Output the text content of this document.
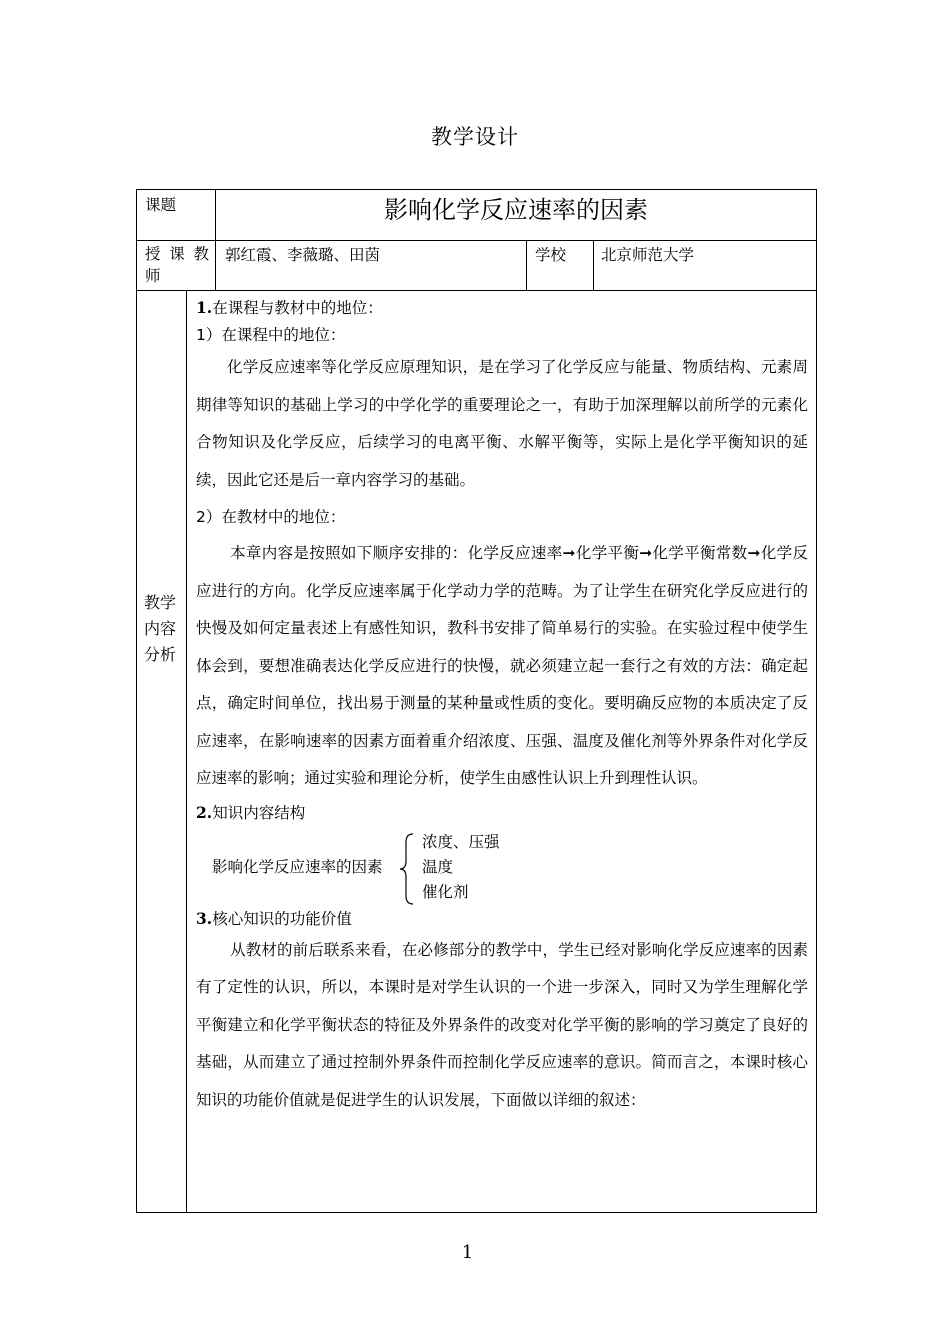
教学设计
课题	影响化学反应速率的因素
授 课 教 师
郭红霞、李薇璐、田茵	学校 北京师范大学
教学内容分析

1.在课程与教材中的地位：

1）在课程中的地位：

化学反应速率等化学反应原理知识，是在学习了化学反应与能量、物质结构、元素周期律等知识的基础上学习的中学化学的重要理论之一，有助于加深理解以前所学的元素化合物知识及化学反应，后续学习的电离平衡、水解平衡等，实际上是化学平衡知识的延续，因此它还是后一章内容学习的基础。

2）在教材中的地位：

本章内容是按照如下顺序安排的：化学反应速率➞化学平衡➞化学平衡常数➞化学反应进行的方向。化学反应速率属于化学动力学的范畴。为了让学生在研究化学反应进行的快慢及如何定量表述上有感性知识，教科书安排了简单易行的实验。在实验过程中使学生体会到，要想准确表达化学反应进行的快慢，就必须建立起一套行之有效的方法：确定起点，确定时间单位，找出易于测量的某种量或性质的变化。要明确反应物的本质决定了反应速率，在影响速率的因素方面着重介绍浓度、压强、温度及催化剂等外界条件对化学反应速率的影响；通过实验和理论分析，使学生由感性认识上升到理性认识。

2.知识内容结构

影响化学反应速率的因素
浓度、压强
温度
催化剂

3.核心知识的功能价值

从教材的前后联系来看，在必修部分的教学中，学生已经对影响化学反应速率的因素有了定性的认识，所以，本课时是对学生认识的一个进一步深入，同时又为学生理解化学平衡建立和化学平衡状态的特征及外界条件的改变对化学平衡的影响的学习奠定了良好的基础，从而建立了通过控制外界条件而控制化学反应速率的意识。简而言之，本课时核心知识的功能价值就是促进学生的认识发展，下面做以详细的叙述：

1
